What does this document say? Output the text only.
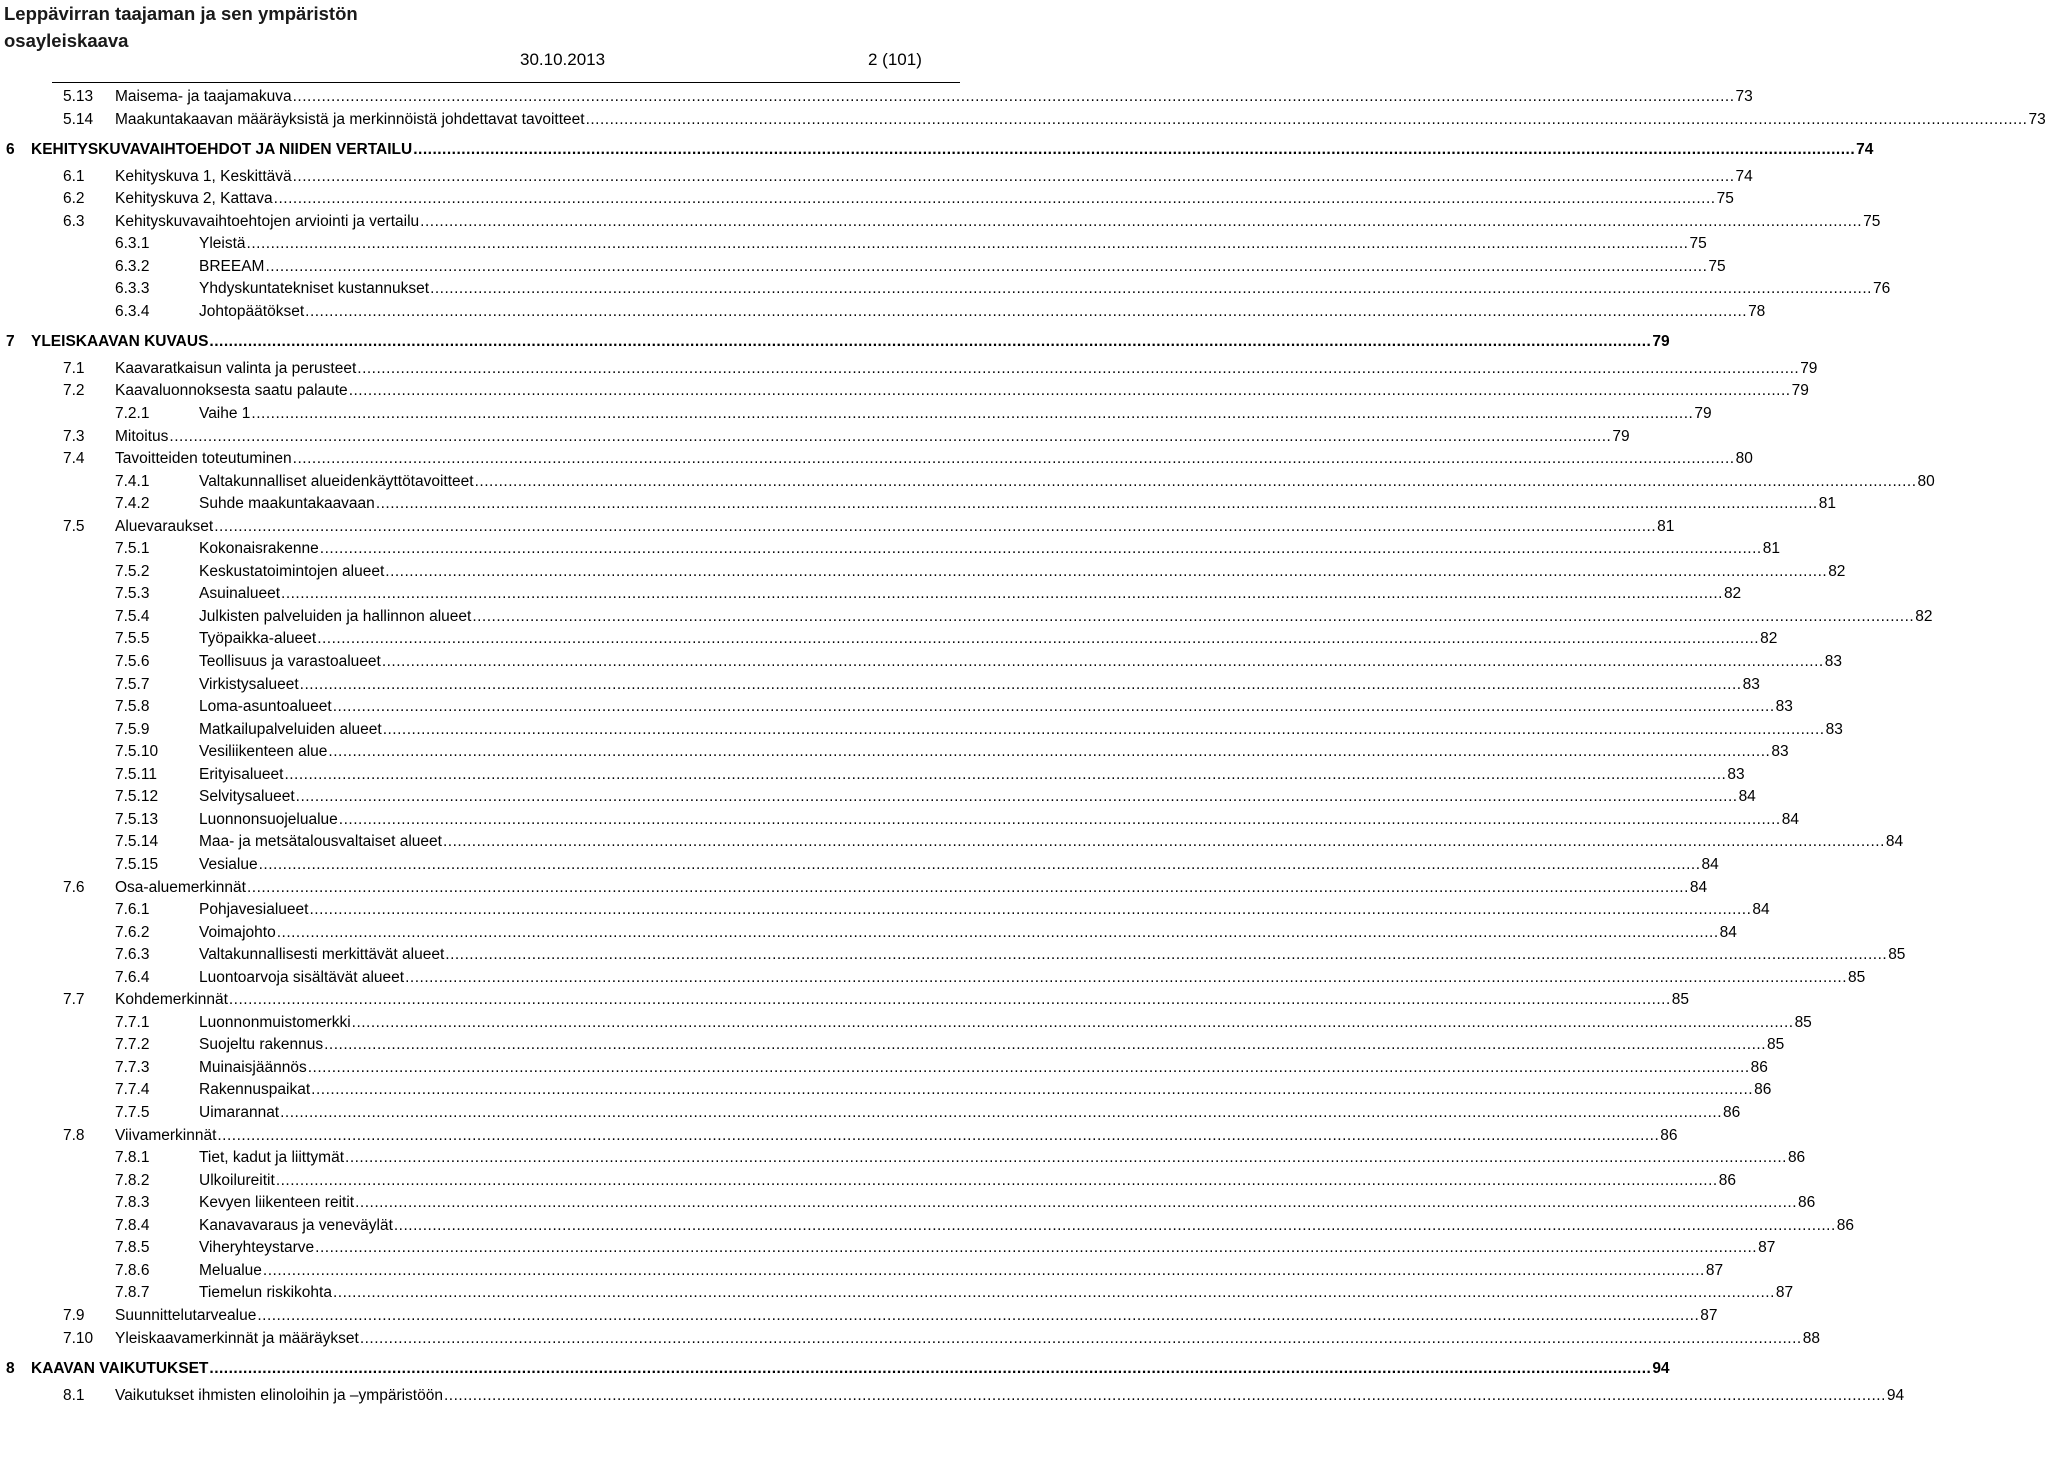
Leppävirran taajaman ja sen ympäristön
osayleiskaava
30.10.2013	2 (101)
5.13 Maisema- ja taajamakuva ............................................................................................................................................................................................................................................................................................................ 73
5.14 Maakuntakaavan määräyksistä ja merkinnöistä johdettavat tavoitteet ............................................................................................................................................................................................................................................................................................................ 73
6 KEHITYSKUVAVAIHTOEHDOT JA NIIDEN VERTAILU ............................................................................................................................................................................................................................................................................................................ 74
6.1 Kehityskuva 1, Keskittävä ............................................................................................................................................................................................................................................................................................................ 74
6.2 Kehityskuva 2, Kattava ............................................................................................................................................................................................................................................................................................................ 75
6.3 Kehityskuvavaihtoehtojen arviointi ja vertailu ............................................................................................................................................................................................................................................................................................................ 75
6.3.1	Yleistä ............................................................................................................................................................................................................................................................................................................ 75
6.3.2	BREEAM ............................................................................................................................................................................................................................................................................................................ 75
6.3.3	Yhdyskuntatekniset kustannukset ............................................................................................................................................................................................................................................................................................................ 76
6.3.4	Johtopäätökset ............................................................................................................................................................................................................................................................................................................ 78
7 YLEISKAAVAN KUVAUS ............................................................................................................................................................................................................................................................................................................ 79
7.1 Kaavaratkaisun valinta ja perusteet ............................................................................................................................................................................................................................................................................................................ 79
7.2 Kaavaluonnoksesta saatu palaute ............................................................................................................................................................................................................................................................................................................ 79
7.2.1	Vaihe 1 ............................................................................................................................................................................................................................................................................................................ 79
7.3 Mitoitus ............................................................................................................................................................................................................................................................................................................ 79
7.4 Tavoitteiden toteutuminen ............................................................................................................................................................................................................................................................................................................ 80
7.4.1	Valtakunnalliset alueidenkäyttötavoitteet ............................................................................................................................................................................................................................................................................................................ 80
7.4.2	Suhde maakuntakaavaan ............................................................................................................................................................................................................................................................................................................ 81
7.5 Aluevaraukset ............................................................................................................................................................................................................................................................................................................ 81
7.5.1	Kokonaisrakenne ............................................................................................................................................................................................................................................................................................................ 81
7.5.2	Keskustatoimintojen alueet ............................................................................................................................................................................................................................................................................................................ 82
7.5.3	Asuinalueet ............................................................................................................................................................................................................................................................................................................ 82
7.5.4	Julkisten palveluiden ja hallinnon alueet ............................................................................................................................................................................................................................................................................................................ 82
7.5.5	Työpaikka-alueet ............................................................................................................................................................................................................................................................................................................ 82
7.5.6	Teollisuus ja varastoalueet ............................................................................................................................................................................................................................................................................................................ 83
7.5.7	Virkistysalueet ............................................................................................................................................................................................................................................................................................................ 83
7.5.8	Loma-asuntoalueet ............................................................................................................................................................................................................................................................................................................ 83
7.5.9	Matkailupalveluiden alueet ............................................................................................................................................................................................................................................................................................................ 83
7.5.10	Vesiliikenteen alue ............................................................................................................................................................................................................................................................................................................ 83
7.5.11	Erityisalueet ............................................................................................................................................................................................................................................................................................................ 83
7.5.12	Selvitysalueet ............................................................................................................................................................................................................................................................................................................ 84
7.5.13	Luonnonsuojelualue ............................................................................................................................................................................................................................................................................................................ 84
7.5.14	Maa- ja metsätalousvaltaiset alueet ............................................................................................................................................................................................................................................................................................................ 84
7.5.15	Vesialue ............................................................................................................................................................................................................................................................................................................ 84
7.6 Osa-aluemerkinnät ............................................................................................................................................................................................................................................................................................................ 84
7.6.1	Pohjavesialueet ............................................................................................................................................................................................................................................................................................................ 84
7.6.2	Voimajohto ............................................................................................................................................................................................................................................................................................................ 84
7.6.3	Valtakunnallisesti merkittävät alueet ............................................................................................................................................................................................................................................................................................................ 85
7.6.4	Luontoarvoja sisältävät alueet ............................................................................................................................................................................................................................................................................................................ 85
7.7 Kohdemerkinnät ............................................................................................................................................................................................................................................................................................................ 85
7.7.1	Luonnonmuistomerkki ............................................................................................................................................................................................................................................................................................................ 85
7.7.2	Suojeltu rakennus ............................................................................................................................................................................................................................................................................................................ 85
7.7.3	Muinaisjäännös ............................................................................................................................................................................................................................................................................................................ 86
7.7.4	Rakennuspaikat ............................................................................................................................................................................................................................................................................................................ 86
7.7.5	Uimarannat ............................................................................................................................................................................................................................................................................................................ 86
7.8 Viivamerkinnät ............................................................................................................................................................................................................................................................................................................ 86
7.8.1	Tiet, kadut ja liittymät ............................................................................................................................................................................................................................................................................................................ 86
7.8.2	Ulkoilureitit ............................................................................................................................................................................................................................................................................................................ 86
7.8.3	Kevyen liikenteen reitit ............................................................................................................................................................................................................................................................................................................ 86
7.8.4	Kanavavaraus ja veneväylät ............................................................................................................................................................................................................................................................................................................ 86
7.8.5	Viheryhteystarve ............................................................................................................................................................................................................................................................................................................ 87
7.8.6	Melualue ............................................................................................................................................................................................................................................................................................................ 87
7.8.7	Tiemelun riskikohta ............................................................................................................................................................................................................................................................................................................ 87
7.9 Suunnittelutarvealue ............................................................................................................................................................................................................................................................................................................ 87
7.10 Yleiskaavamerkinnät ja määräykset ............................................................................................................................................................................................................................................................................................................ 88
8 KAAVAN VAIKUTUKSET ............................................................................................................................................................................................................................................................................................................ 94
8.1 Vaikutukset ihmisten elinoloihin ja –ympäristöön ............................................................................................................................................................................................................................................................................................................ 94
